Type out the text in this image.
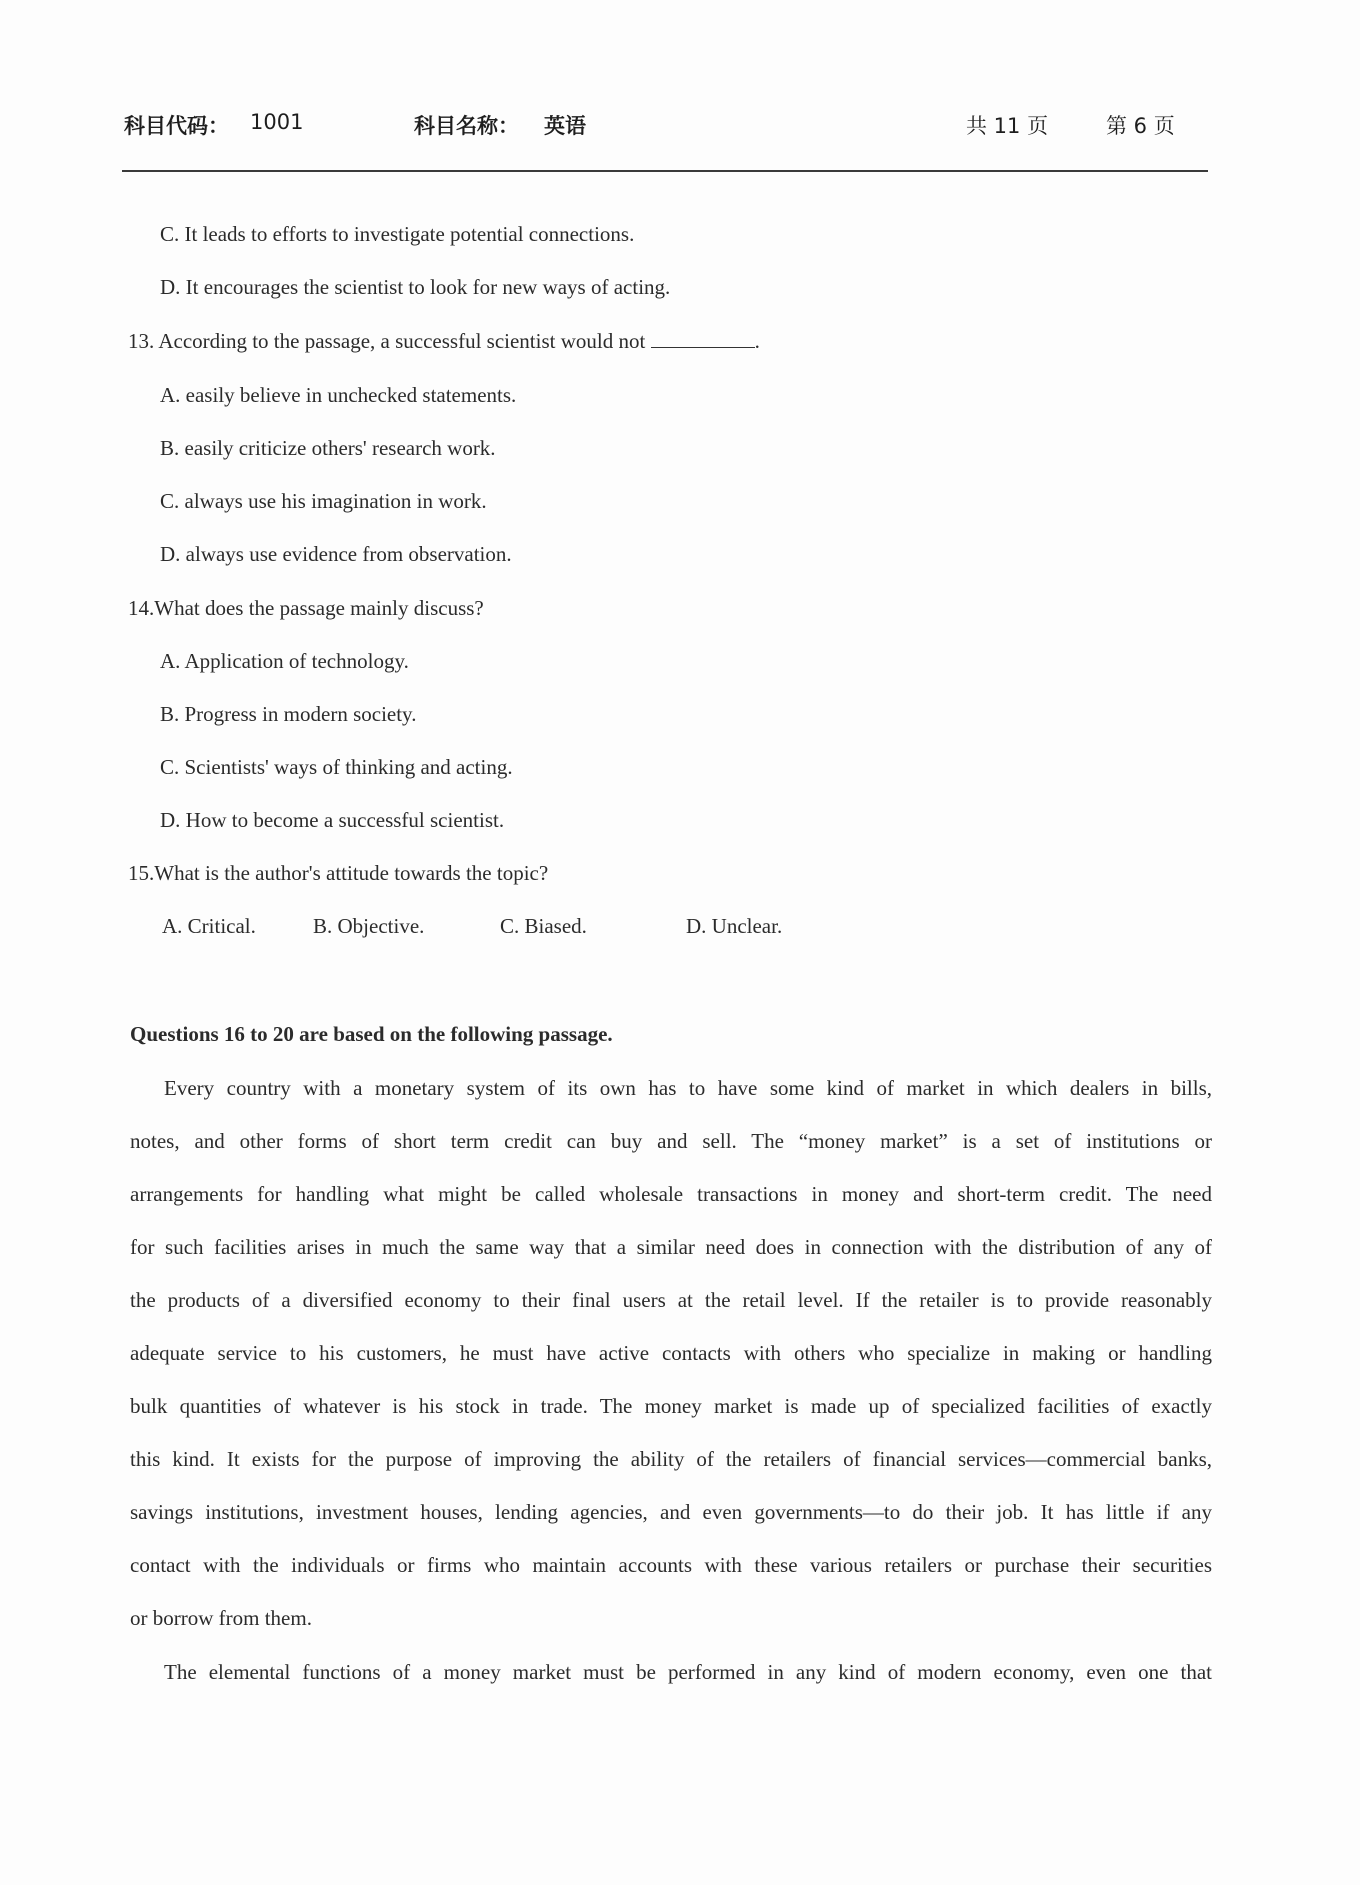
科目代码： 1001	科目名称： 英语	共 11 页	第 6 页
C. It leads to efforts to investigate potential connections.
D. It encourages the scientist to look for new ways of acting.
13. According to the passage, a successful scientist would not	.
A. easily believe in unchecked statements.
B. easily criticize others' research work.
C. always use his imagination in work.
D. always use evidence from observation.
14.What does the passage mainly discuss?
A. Application of technology.
B. Progress in modern society.
C. Scientists' ways of thinking and acting.
D. How to become a successful scientist.
15.What is the author's attitude towards the topic?

A. Critical.

	B. Objective.

	C. Biased.

	D. Unclear.

Questions 16 to 20 are based on the following passage.
Every country with a monetary system of its own has to have some kind of market in which dealers in bills,
notes, and other forms of short term credit can buy and sell. The “money market” is a set of institutions or
arrangements for handling what might be called wholesale transactions in money and short-term credit. The need
for such facilities arises in much the same way that a similar need does in connection with the distribution of any of
the products of a diversified economy to their final users at the retail level. If the retailer is to provide reasonably
adequate service to his customers, he must have active contacts with others who specialize in making or handling
bulk quantities of whatever is his stock in trade. The money market is made up of specialized facilities of exactly
this kind. It exists for the purpose of improving the ability of the retailers of financial services—commercial banks,
savings institutions, investment houses, lending agencies, and even governments—to do their job. It has little if any
contact with the individuals or firms who maintain accounts with these various retailers or purchase their securities
or borrow from them.
The elemental functions of a money market must be performed in any kind of modern economy, even one that
